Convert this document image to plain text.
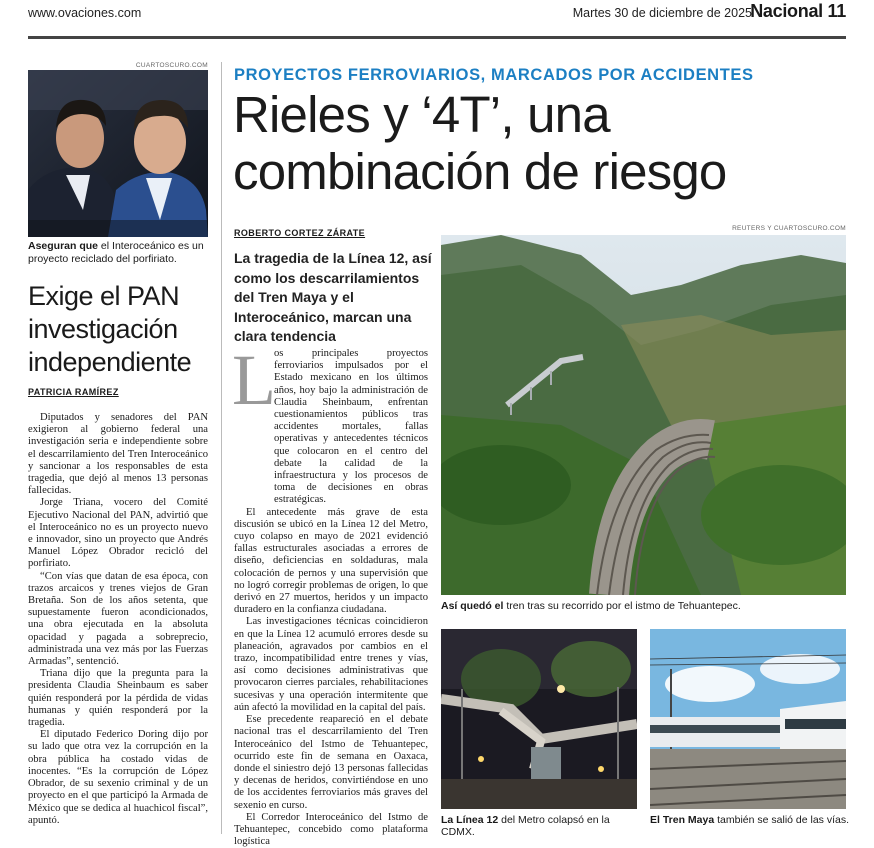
www.ovaciones.com	Martes 30 de diciembre de 2025
Nacional 11
CUARTOSCURO.COM
Aseguran que el Interoceánico es un proyecto reciclado del porfiriato.
Exige el PAN investigación independiente
PATRICIA RAMÍREZ

Diputados y senadores del PAN exigieron al gobierno federal una investigación seria e independiente sobre el descarrilamiento del Tren Interoceánico y sancionar a los responsables de esta tragedia, que dejó al menos 13 personas fallecidas.

Jorge Triana, vocero del Comité Ejecutivo Nacional del PAN, advirtió que el Interoceánico no es un proyecto nuevo e innovador, sino un proyecto que Andrés Manuel López Obrador recicló del porfiriato.

“Con vías que datan de esa época, con trazos arcaicos y trenes viejos de Gran Bretaña. Son de los años setenta, que supuestamente fueron acondicionados, una obra ejecutada en la absoluta opacidad y pagada a sobreprecio, administrada una vez más por las Fuerzas Armadas”, sentenció.

Triana dijo que la pregunta para la presidenta Claudia Sheinbaum es saber quién responderá por la pérdida de vidas humanas y quién responderá por la tragedia.

El diputado Federico Doring dijo por su lado que otra vez la corrupción en la obra pública ha costado vidas de inocentes. “Es la corrupción de López Obrador, de su sexenio criminal y de un proyecto en el que participó la Armada de México que se dedica al huachicol fiscal”, apuntó.

PROYECTOS FERROVIARIOS, MARCADOS POR ACCIDENTES
Rieles y ‘4T’, una combinación de riesgo
ROBERTO CORTEZ ZÁRATE
La tragedia de la Línea 12, así como los descarrilamientos del Tren Maya y el Interoceánico, marcan una clara tendencia
L

os principales proyectos ferroviarios impulsados por el Estado mexicano en los últimos años, hoy bajo la administración de Claudia Sheinbaum, enfrentan cuestionamientos públicos tras accidentes mortales, fallas operativas y antecedentes técnicos que colocaron en el centro del debate la calidad de la infraestructura y los procesos de toma de decisiones en obras estratégicas.

El antecedente más grave de esta discusión se ubicó en la Línea 12 del Metro, cuyo colapso en mayo de 2021 evidenció fallas estructurales asociadas a errores de diseño, deficiencias en soldaduras, mala colocación de pernos y una supervisión que no logró corregir problemas de origen, lo que derivó en 27 muertos, heridos y un impacto duradero en la confianza ciudadana.

Las investigaciones técnicas coincidieron en que la Línea 12 acumuló errores desde su planeación, agravados por cambios en el trazo, incompatibilidad entre trenes y vías, así como decisiones administrativas que provocaron cierres parciales, rehabilitaciones sucesivas y una operación intermitente que aún afectó la movilidad en la capital del país.

Ese precedente reapareció en el debate nacional tras el descarrilamiento del Tren Interoceánico del Istmo de Tehuantepec, ocurrido este fin de semana en Oaxaca, donde el siniestro dejó 13 personas fallecidas y decenas de heridos, convirtiéndose en uno de los accidentes ferroviarios más graves del sexenio en curso.

El Corredor Interoceánico del Istmo de Tehuantepec, concebido como plataforma logística

REUTERS Y CUARTOSCURO.COM
Así quedó el tren tras su recorrido por el istmo de Tehuantepec.
La Línea 12 del Metro colapsó en la CDMX.
El Tren Maya también se salió de las vías.
